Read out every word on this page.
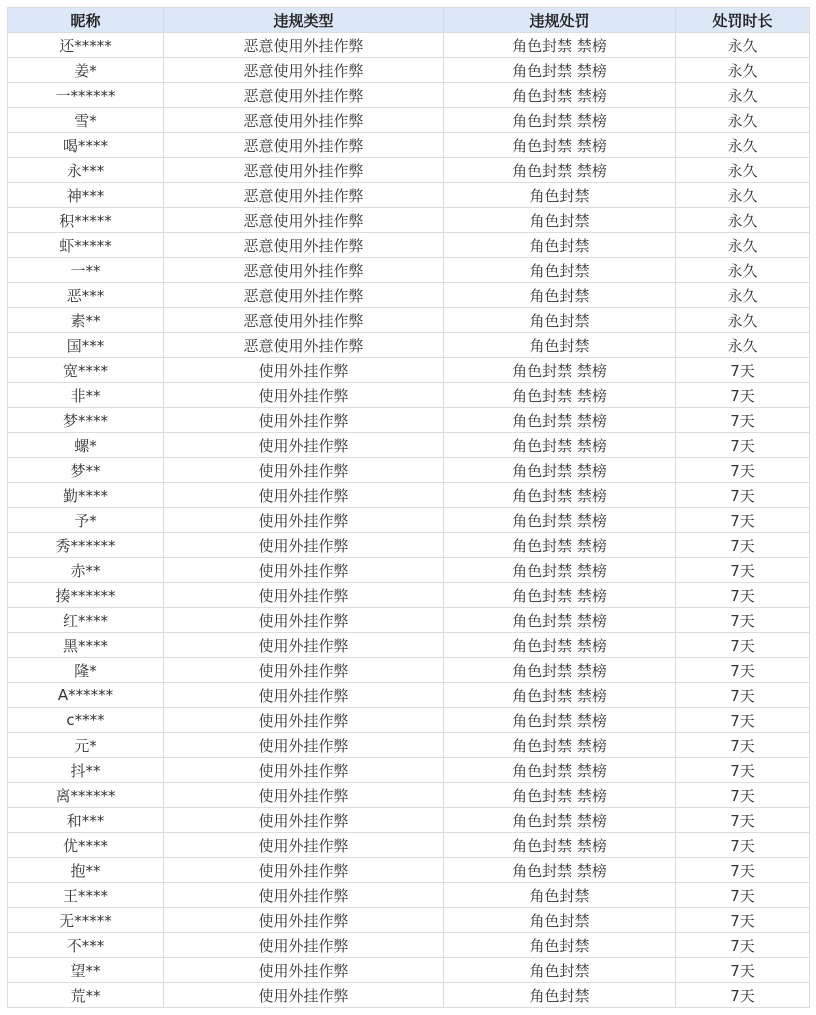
昵称	违规类型	违规处罚	处罚时长
还*****	恶意使用外挂作弊	角色封禁 禁榜	永久
姜*	恶意使用外挂作弊	角色封禁 禁榜	永久
一******	恶意使用外挂作弊	角色封禁 禁榜	永久
雪*	恶意使用外挂作弊	角色封禁 禁榜	永久
喝****	恶意使用外挂作弊	角色封禁 禁榜	永久
永***	恶意使用外挂作弊	角色封禁 禁榜	永久
神***	恶意使用外挂作弊	角色封禁	永久
积*****	恶意使用外挂作弊	角色封禁	永久
虾*****	恶意使用外挂作弊	角色封禁	永久
一**	恶意使用外挂作弊	角色封禁	永久
恶***	恶意使用外挂作弊	角色封禁	永久
素**	恶意使用外挂作弊	角色封禁	永久
国***	恶意使用外挂作弊	角色封禁	永久
宽****	使用外挂作弊	角色封禁 禁榜	7天
非**	使用外挂作弊	角色封禁 禁榜	7天
梦****	使用外挂作弊	角色封禁 禁榜	7天
螺*	使用外挂作弊	角色封禁 禁榜	7天
梦**	使用外挂作弊	角色封禁 禁榜	7天
勤****	使用外挂作弊	角色封禁 禁榜	7天
予*	使用外挂作弊	角色封禁 禁榜	7天
秀******	使用外挂作弊	角色封禁 禁榜	7天
赤**	使用外挂作弊	角色封禁 禁榜	7天
揍******	使用外挂作弊	角色封禁 禁榜	7天
红****	使用外挂作弊	角色封禁 禁榜	7天
黑****	使用外挂作弊	角色封禁 禁榜	7天
隆*	使用外挂作弊	角色封禁 禁榜	7天
A******	使用外挂作弊	角色封禁 禁榜	7天
c****	使用外挂作弊	角色封禁 禁榜	7天
元*	使用外挂作弊	角色封禁 禁榜	7天
抖**	使用外挂作弊	角色封禁 禁榜	7天
离******	使用外挂作弊	角色封禁 禁榜	7天
和***	使用外挂作弊	角色封禁 禁榜	7天
优****	使用外挂作弊	角色封禁 禁榜	7天
抱**	使用外挂作弊	角色封禁 禁榜	7天
王****	使用外挂作弊	角色封禁	7天
无*****	使用外挂作弊	角色封禁	7天
不***	使用外挂作弊	角色封禁	7天
望**	使用外挂作弊	角色封禁	7天
荒**	使用外挂作弊	角色封禁	7天
